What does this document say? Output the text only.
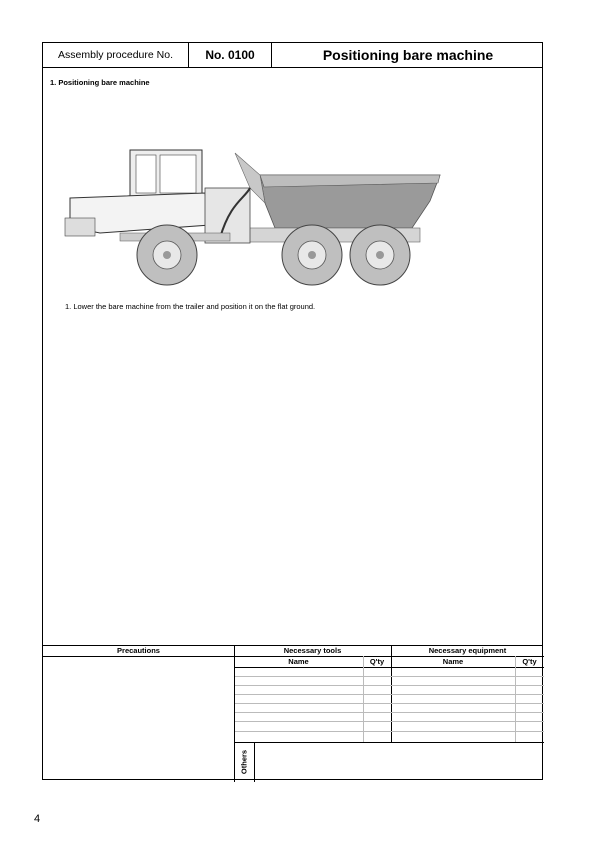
Assembly procedure No.	No. 0100	Positioning bare machine
1. Positioning bare machine
1. Lower the bare machine from the trailer and position it on the flat ground.
Precautions	Necessary tools	Necessary equipment
Name	Q'ty	Name	Q'ty
Others
4
